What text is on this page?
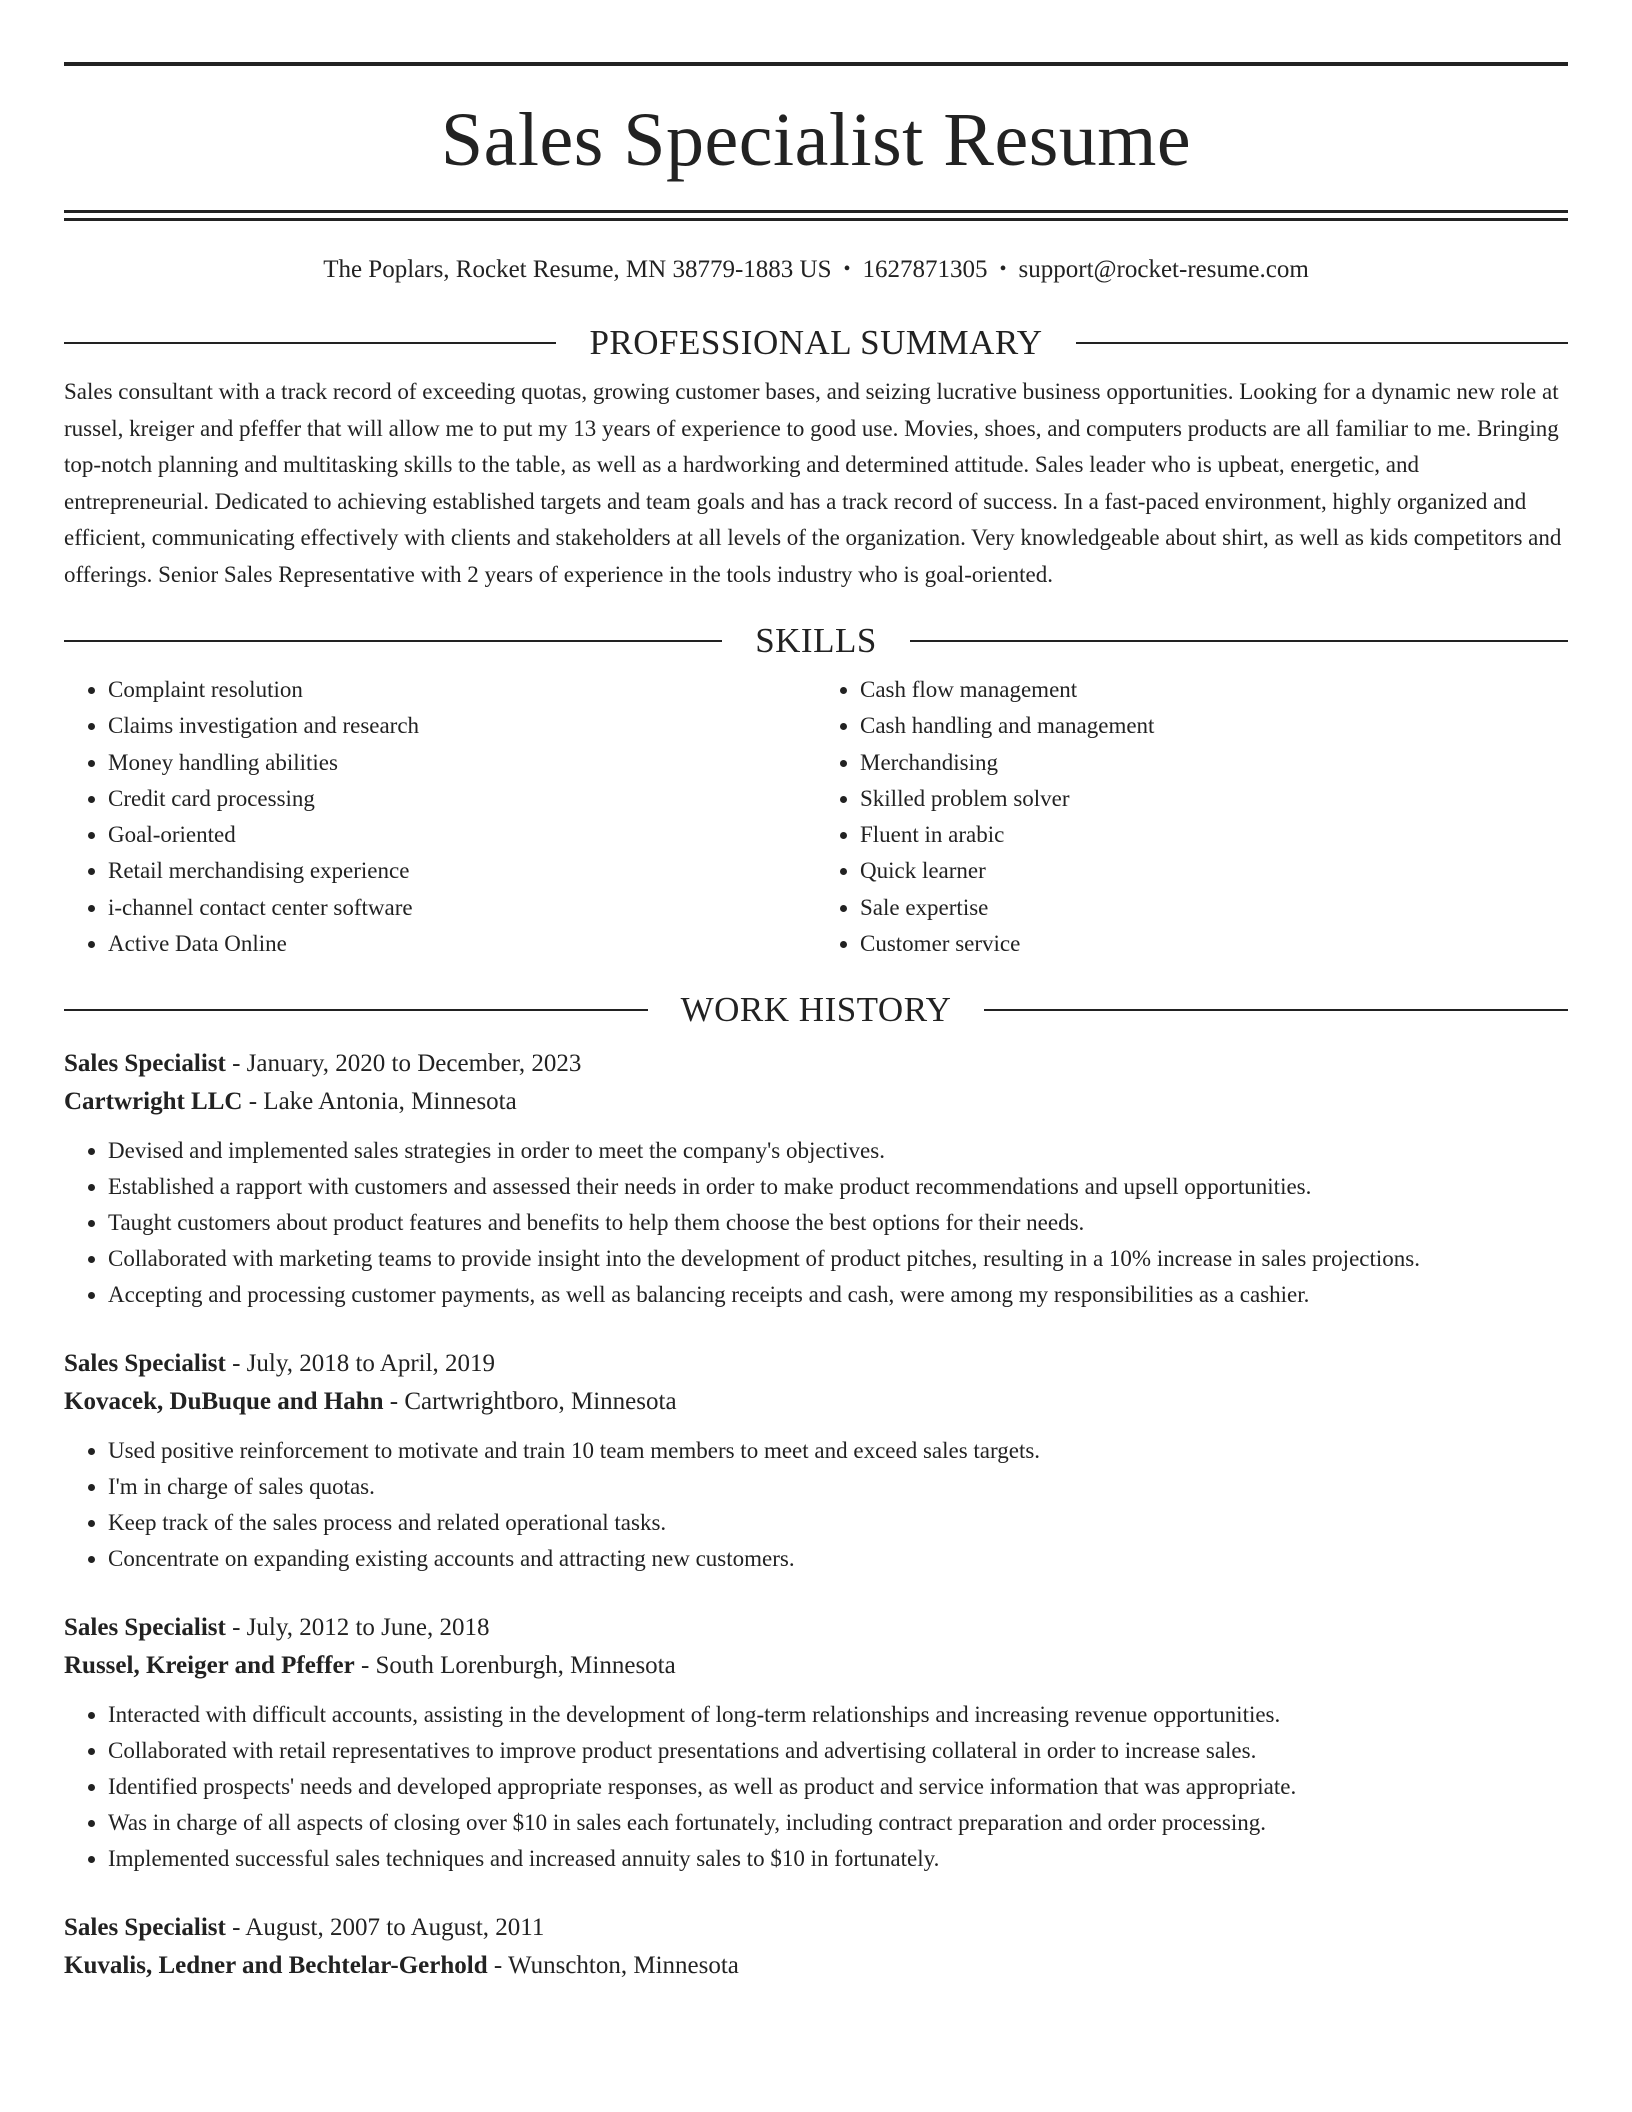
Sales Specialist Resume
The Poplars, Rocket Resume, MN 38779-1883 US • 1627871305 • support@rocket-resume.com
PROFESSIONAL SUMMARY

Sales consultant with a track record of exceeding quotas, growing customer bases, and seizing lucrative business opportunities. Looking for a dynamic new role at russel, kreiger and pfeffer that will allow me to put my 13 years of experience to good use. Movies, shoes, and computers products are all familiar to me. Bringing top-notch planning and multitasking skills to the table, as well as a hardworking and determined attitude. Sales leader who is upbeat, energetic, and entrepreneurial. Dedicated to achieving established targets and team goals and has a track record of success. In a fast-paced environment, highly organized and efficient, communicating effectively with clients and stakeholders at all levels of the organization. Very knowledgeable about shirt, as well as kids competitors and offerings. Senior Sales Representative with 2 years of experience in the tools industry who is goal-oriented.

SKILLS
• Complaint resolution
• Claims investigation and research
• Money handling abilities
• Credit card processing
• Goal-oriented
• Retail merchandising experience
• i-channel contact center software
• Active Data Online
• Cash flow management
• Cash handling and management
• Merchandising
• Skilled problem solver
• Fluent in arabic
• Quick learner
• Sale expertise
• Customer service
WORK HISTORY
Sales Specialist - January, 2020 to December, 2023
Cartwright LLC - Lake Antonia, Minnesota
• Devised and implemented sales strategies in order to meet the company's objectives.
• Established a rapport with customers and assessed their needs in order to make product recommendations and upsell opportunities.
• Taught customers about product features and benefits to help them choose the best options for their needs.
• Collaborated with marketing teams to provide insight into the development of product pitches, resulting in a 10% increase in sales projections.
• Accepting and processing customer payments, as well as balancing receipts and cash, were among my responsibilities as a cashier.
Sales Specialist - July, 2018 to April, 2019
Kovacek, DuBuque and Hahn - Cartwrightboro, Minnesota
• Used positive reinforcement to motivate and train 10 team members to meet and exceed sales targets.
• I'm in charge of sales quotas.
• Keep track of the sales process and related operational tasks.
• Concentrate on expanding existing accounts and attracting new customers.
Sales Specialist - July, 2012 to June, 2018
Russel, Kreiger and Pfeffer - South Lorenburgh, Minnesota
• Interacted with difficult accounts, assisting in the development of long-term relationships and increasing revenue opportunities.
• Collaborated with retail representatives to improve product presentations and advertising collateral in order to increase sales.
• Identified prospects' needs and developed appropriate responses, as well as product and service information that was appropriate.
• Was in charge of all aspects of closing over $10 in sales each fortunately, including contract preparation and order processing.
• Implemented successful sales techniques and increased annuity sales to $10 in fortunately.
Sales Specialist - August, 2007 to August, 2011
Kuvalis, Ledner and Bechtelar-Gerhold - Wunschton, Minnesota
